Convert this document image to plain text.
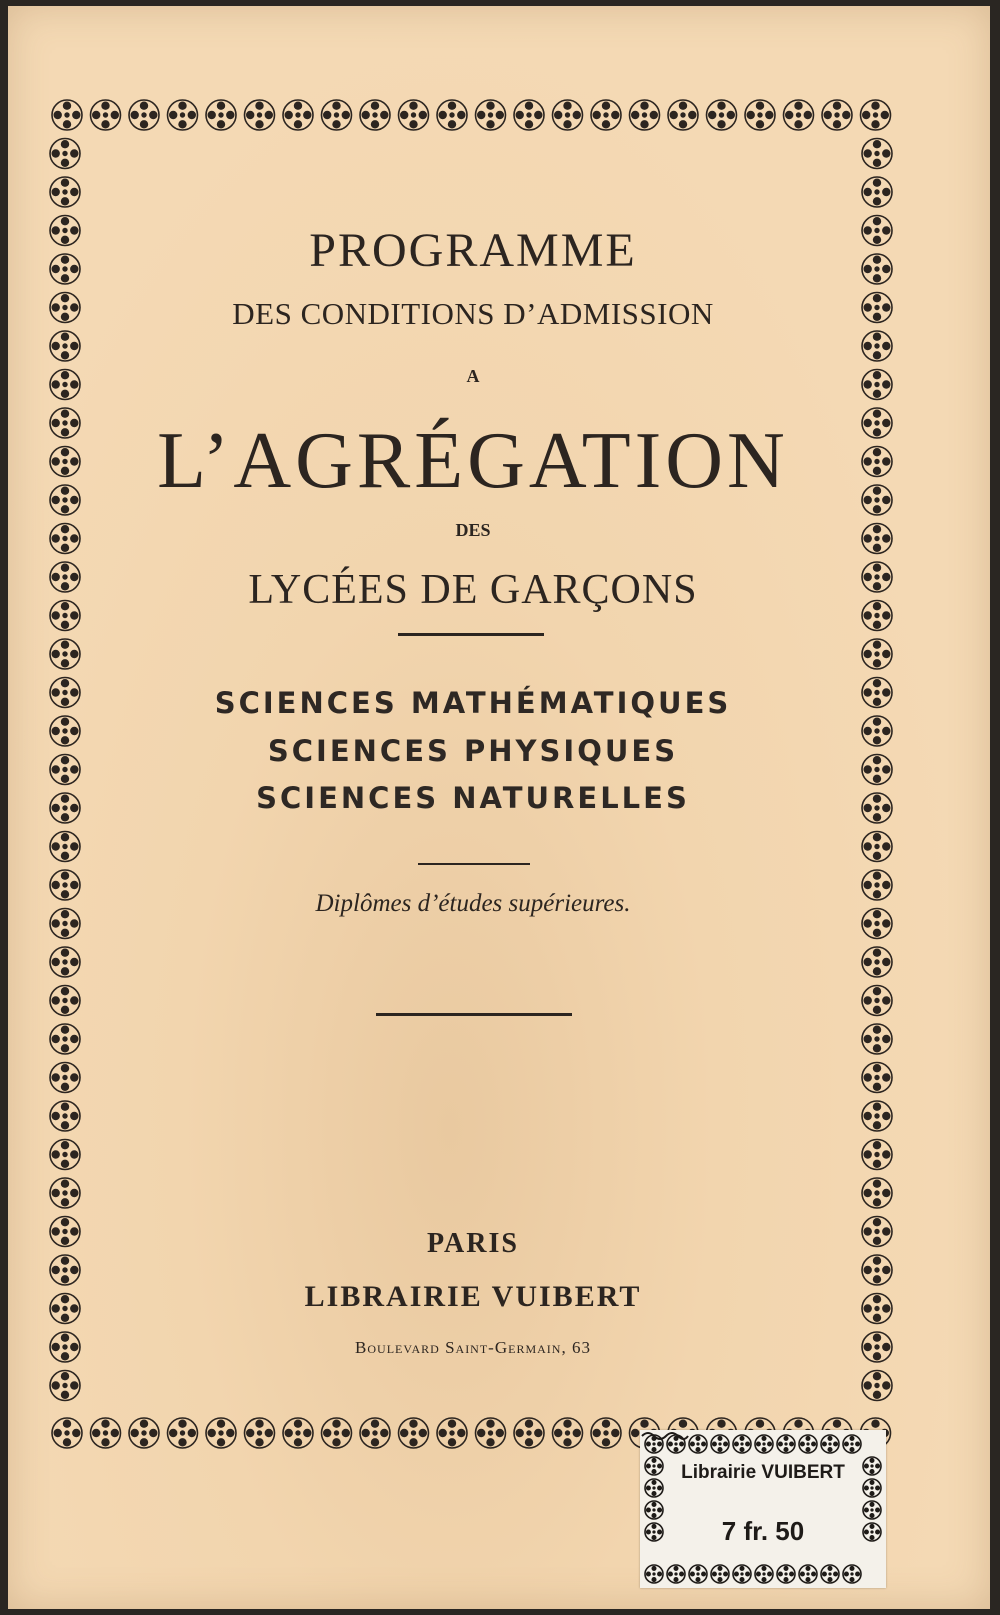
PROGRAMME
DES CONDITIONS D’ADMISSION
A
L’AGRÉGATION
DES
LYCÉES DE GARÇONS
SCIENCES MATHÉMATIQUES
SCIENCES PHYSIQUES
SCIENCES NATURELLES
Diplômes d’études supérieures.
PARIS
LIBRAIRIE VUIBERT
Boulevard Saint-Germain, 63
Librairie VUIBERT
7 fr. 50
